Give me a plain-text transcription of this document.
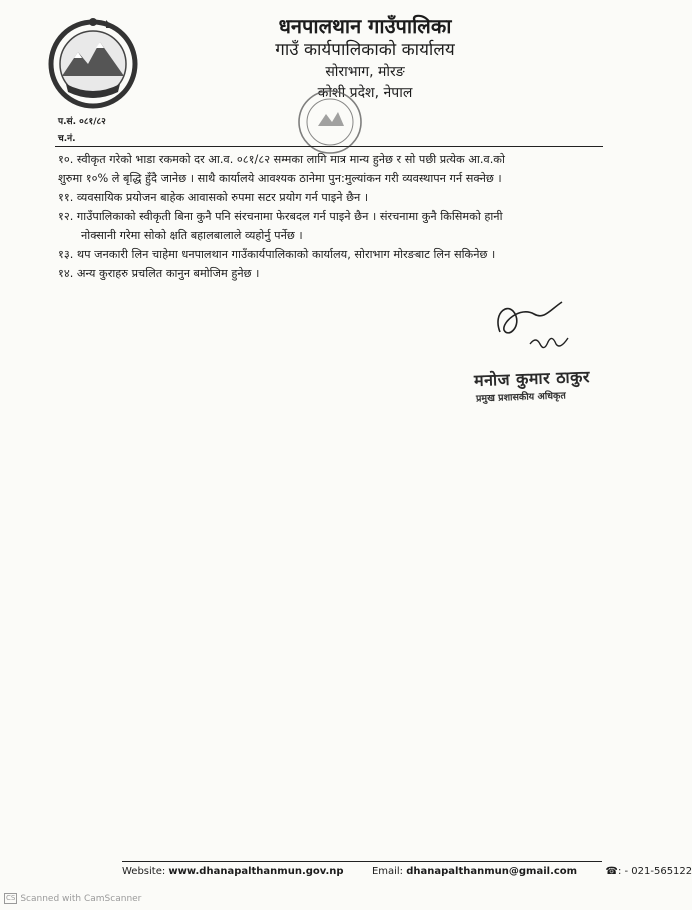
धनपालथान गाउँपालिका
गाउँ कार्यपालिकाको कार्यालय
सोराभाग, मोरङ
कोशी प्रदेश, नेपाल
प.सं. ०८१/८२
च.नं.
१०. स्वीकृत गरेको भाडा रकमको दर आ.व. ०८१/८२ सम्मका लागि मात्र मान्य हुनेछ र सो पछी प्रत्येक आ.व.को
शुरुमा १०% ले बृद्धि हुँदै जानेछ । साथै कार्यालये आवश्यक ठानेमा पुन:मुल्यांकन गरी व्यवस्थापन गर्न सक्नेछ ।
११. व्यवसायिक प्रयोजन बाहेक आवासको रुपमा सटर प्रयोग गर्न पाइने छैन ।
१२. गाउँपालिकाको स्वीकृती बिना कुनै पनि संरचनामा फेरबदल गर्न पाइने छैन । संरचनामा कुनै किसिमको हानी
नोक्सानी गरेमा सोको क्षति बहालबालाले व्यहोर्नु पर्नेछ ।
१३. थप जनकारी लिन चाहेमा धनपालथान गाउँकार्यपालिकाको कार्यालय, सोराभाग मोरङबाट लिन सकिनेछ ।
१४. अन्य कुराहरु प्रचलित कानुन बमोजिम हुनेछ ।
मनोज कुमार ठाकुर
प्रमुख प्रशासकीय अधिकृत
Website: www.dhanapalthanmun.gov.np	Email: dhanapalthanmun@gmail.com	☎: - 021-565122
CS Scanned with CamScanner
